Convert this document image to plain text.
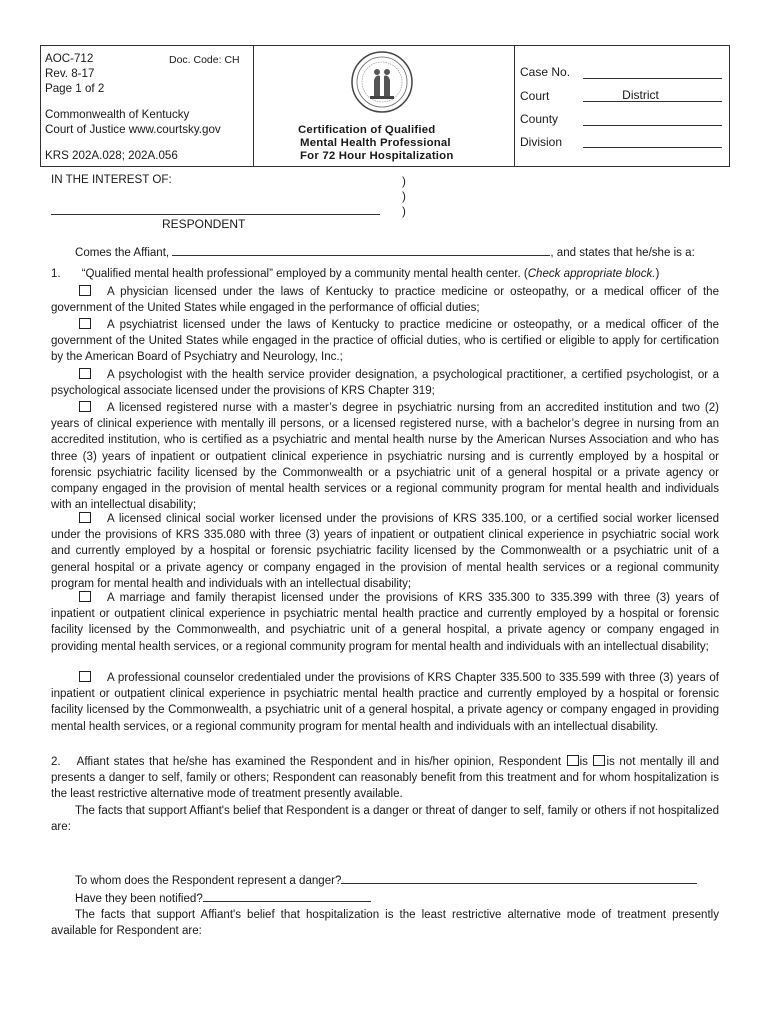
AOC-712	Doc. Code: CH
Rev. 8-17
Page 1 of 2
Commonwealth of Kentucky
Court of Justice www.courtsky.gov
KRS 202A.028; 202A.056
Certification of Qualified
Mental Health Professional
For 72 Hour Hospitalization
Case No.
Court	District
County
Division
IN THE INTEREST OF:	)
)
)
RESPONDENT
Comes the Affiant,	, and states that he/she is a:
1. “Qualified mental health professional” employed by a community mental health center. (Check appropriate block.)
A physician licensed under the laws of Kentucky to practice medicine or osteopathy, or a medical officer of the government of the United States while engaged in the performance of official duties;
A psychiatrist licensed under the laws of Kentucky to practice medicine or osteopathy, or a medical officer of the government of the United States while engaged in the practice of official duties, who is certified or eligible to apply for certification by the American Board of Psychiatry and Neurology, Inc.;
A psychologist with the health service provider designation, a psychological practitioner, a certified psychologist, or a psychological associate licensed under the provisions of KRS Chapter 319;
A licensed registered nurse with a master’s degree in psychiatric nursing from an accredited institution and two (2) years of clinical experience with mentally ill persons, or a licensed registered nurse, with a bachelor’s degree in nursing from an accredited institution, who is certified as a psychiatric and mental health nurse by the American Nurses Association and who has three (3) years of inpatient or outpatient clinical experience in psychiatric nursing and is currently employed by a hospital or forensic psychiatric facility licensed by the Commonwealth or a psychiatric unit of a general hospital or a private agency or company engaged in the provision of mental health services or a regional community program for mental health and individuals with an intellectual disability;
A licensed clinical social worker licensed under the provisions of KRS 335.100, or a certified social worker licensed under the provisions of KRS 335.080 with three (3) years of inpatient or outpatient clinical experience in psychiatric social work and currently employed by a hospital or forensic psychiatric facility licensed by the Commonwealth or a psychiatric unit of a general hospital or a private agency or company engaged in the provision of mental health services or a regional community program for mental health and individuals with an intellectual disability;
A marriage and family therapist licensed under the provisions of KRS 335.300 to 335.399 with three (3) years of inpatient or outpatient clinical experience in psychiatric mental health practice and currently employed by a hospital or forensic facility licensed by the Commonwealth, and psychiatric unit of a general hospital, a private agency or company engaged in providing mental health services, or a regional community program for mental health and individuals with an intellectual disability;
A professional counselor credentialed under the provisions of KRS Chapter 335.500 to 335.599 with three (3) years of inpatient or outpatient clinical experience in psychiatric mental health practice and currently employed by a hospital or forensic facility licensed by the Commonwealth, a psychiatric unit of a general hospital, a private agency or company engaged in providing mental health services, or a regional community program for mental health and individuals with an intellectual disability.
2. Affiant states that he/she has examined the Respondent and in his/her opinion, Respondent is is not mentally ill and presents a danger to self, family or others; Respondent can reasonably benefit from this treatment and for whom hospitalization is the least restrictive alternative mode of treatment presently available.
The facts that support Affiant's belief that Respondent is a danger or threat of danger to self, family or others if not hospitalized are:
To whom does the Respondent represent a danger?
Have they been notified?
The facts that support Affiant's belief that hospitalization is the least restrictive alternative mode of treatment presently available for Respondent are:
